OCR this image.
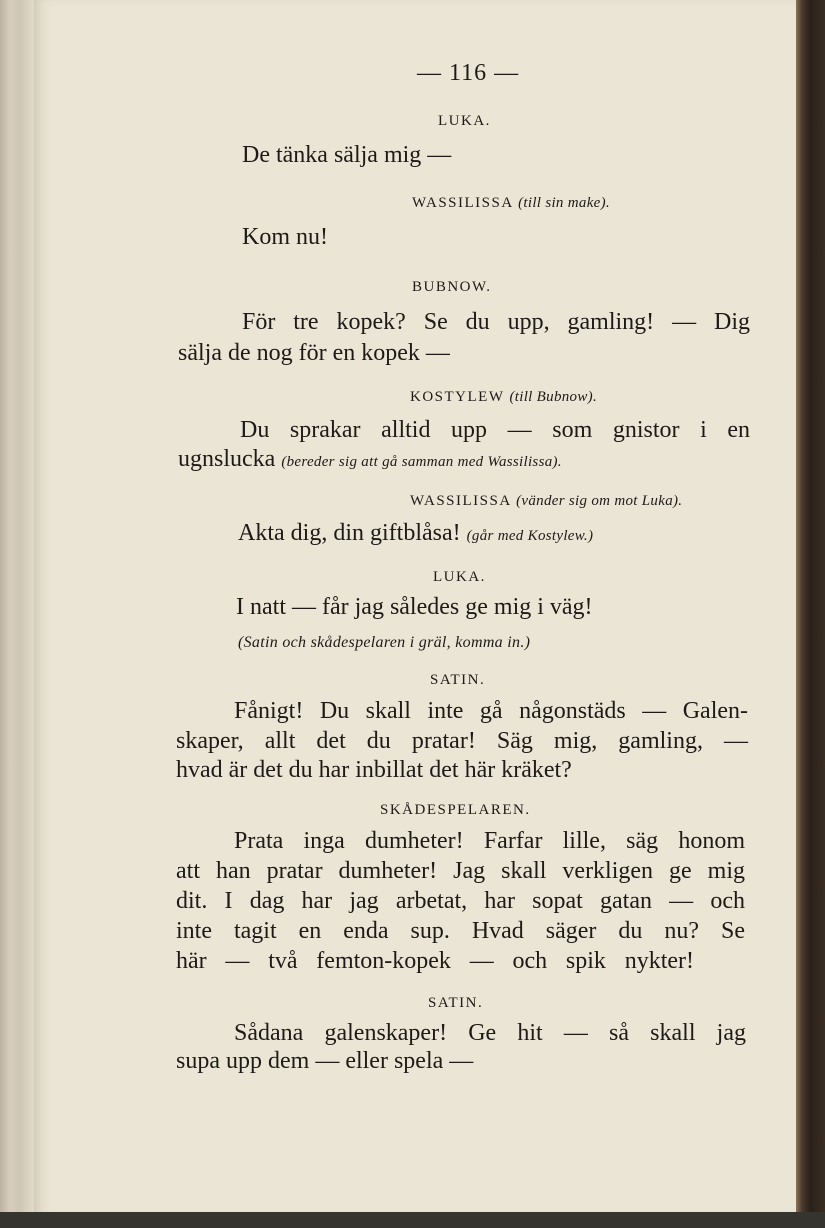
— 116 —
LUKA.
De tänka sälja mig —
WASSILISSA (till sin make).
Kom nu!
BUBNOW.
För tre kopek? Se du upp, gamling! — Dig
sälja de nog för en kopek —
KOSTYLEW (till Bubnow).
Du sprakar alltid upp — som gnistor i en
ugnslucka (bereder sig att gå samman med Wassilissa).
WASSILISSA (vänder sig om mot Luka).
Akta dig, din giftblåsa! (går med Kostylew.)
LUKA.
I natt — får jag således ge mig i väg!
(Satin och skådespelaren i gräl, komma in.)
SATIN.
Fånigt! Du skall inte gå någonstäds — Galen-
skaper, allt det du pratar! Säg mig, gamling, —
hvad är det du har inbillat det här kräket?
SKÅDESPELAREN.
Prata inga dumheter! Farfar lille, säg honom
att han pratar dumheter! Jag skall verkligen ge mig
dit. I dag har jag arbetat, har sopat gatan — och
inte tagit en enda sup. Hvad säger du nu? Se
här — två femton-kopek — och spik nykter!
SATIN.
Sådana galenskaper! Ge hit — så skall jag
supa upp dem — eller spela —
